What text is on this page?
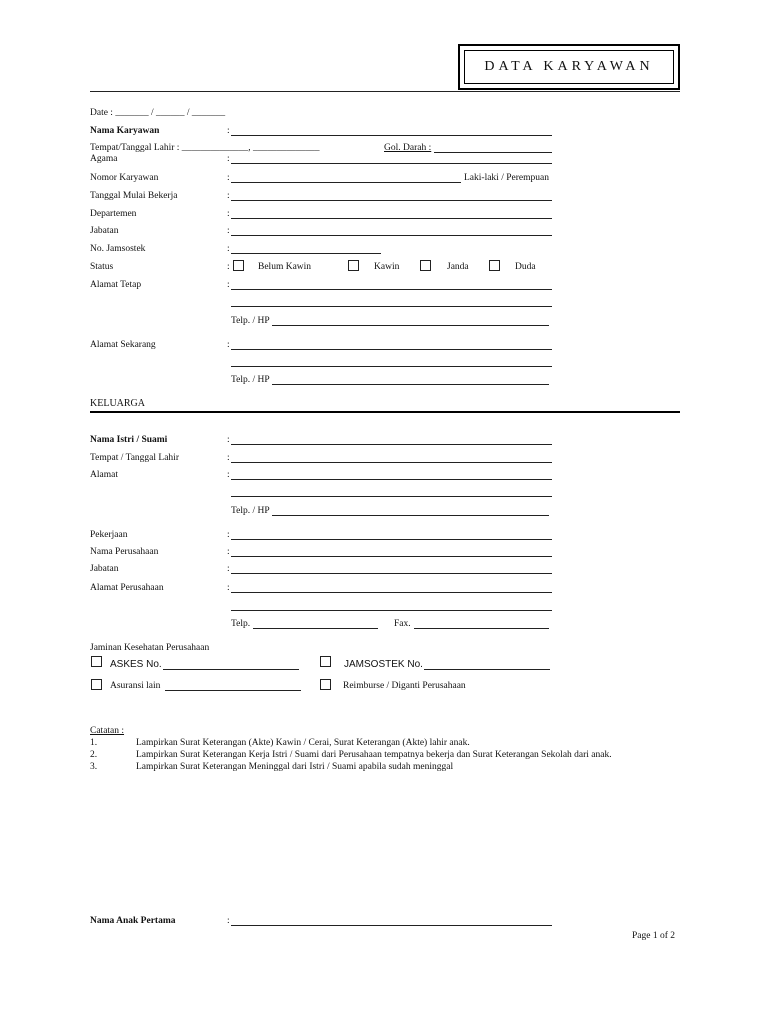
DATA KARYAWAN
Date : _______ / ______ / _______
Nama Karyawan	:
Tempat/Tanggal Lahir : ______________, ______________	Gol. Darah :
Agama	:
Nomor Karyawan	:	Laki-laki / Perempuan
Tanggal Mulai Bekerja	:
Departemen	:
Jabatan	:
No. Jamsostek	:
Status	:	Belum Kawin	Kawin	Janda	Duda
Alamat Tetap	:
Telp. / HP
Alamat Sekarang	:
Telp. / HP
KELUARGA
Nama Istri / Suami	:
Tempat / Tanggal Lahir	:
Alamat	:
Telp. / HP
Pekerjaan	:
Nama Perusahaan	:
Jabatan	:
Alamat Perusahaan	:
Telp.	Fax.
Jaminan Kesehatan Perusahaan
ASKES No.	JAMSOSTEK No.
Asuransi lain	Reimburse / Diganti Perusahaan
Catatan :
1.	Lampirkan Surat Keterangan (Akte) Kawin / Cerai, Surat Keterangan (Akte) lahir anak.
2.	Lampirkan Surat Keterangan Kerja Istri / Suami dari Perusahaan tempatnya bekerja dan Surat Keterangan Sekolah dari anak.
3.	Lampirkan Surat Keterangan Meninggal dari Istri / Suami apabila sudah meninggal
Nama Anak Pertama	:
Page 1 of 2
